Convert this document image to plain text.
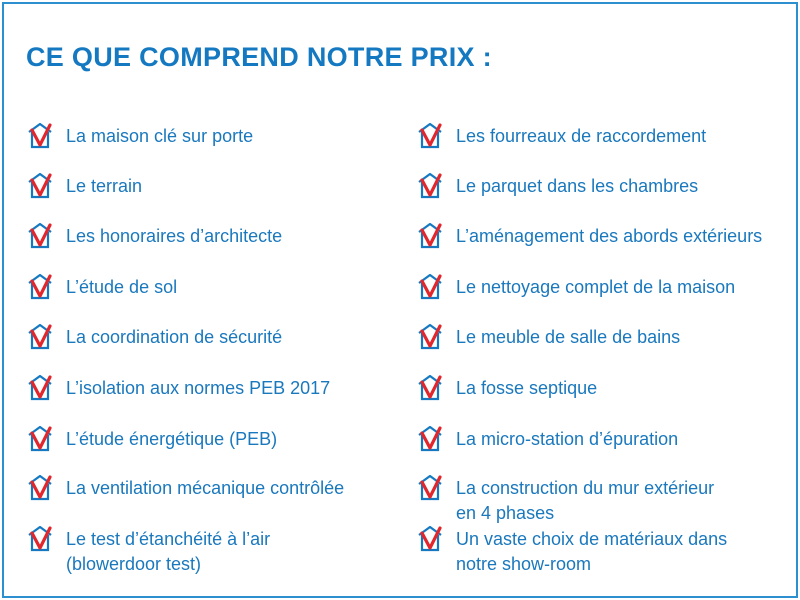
CE QUE COMPREND NOTRE PRIX :
La maison clé sur porte
Le terrain
Les honoraires d’architecte
L’étude de sol
La coordination de sécurité
L’isolation aux normes PEB 2017
L’étude énergétique (PEB)
La ventilation mécanique contrôlée
Le test d’étanchéité à l’air
(blowerdoor test)
Les fourreaux de raccordement
Le parquet dans les chambres
L’aménagement des abords extérieurs
Le nettoyage complet de la maison
Le meuble de salle de bains
La fosse septique
La micro-station d’épuration
La construction du mur extérieur
en 4 phases
Un vaste choix de matériaux dans
notre show-room
